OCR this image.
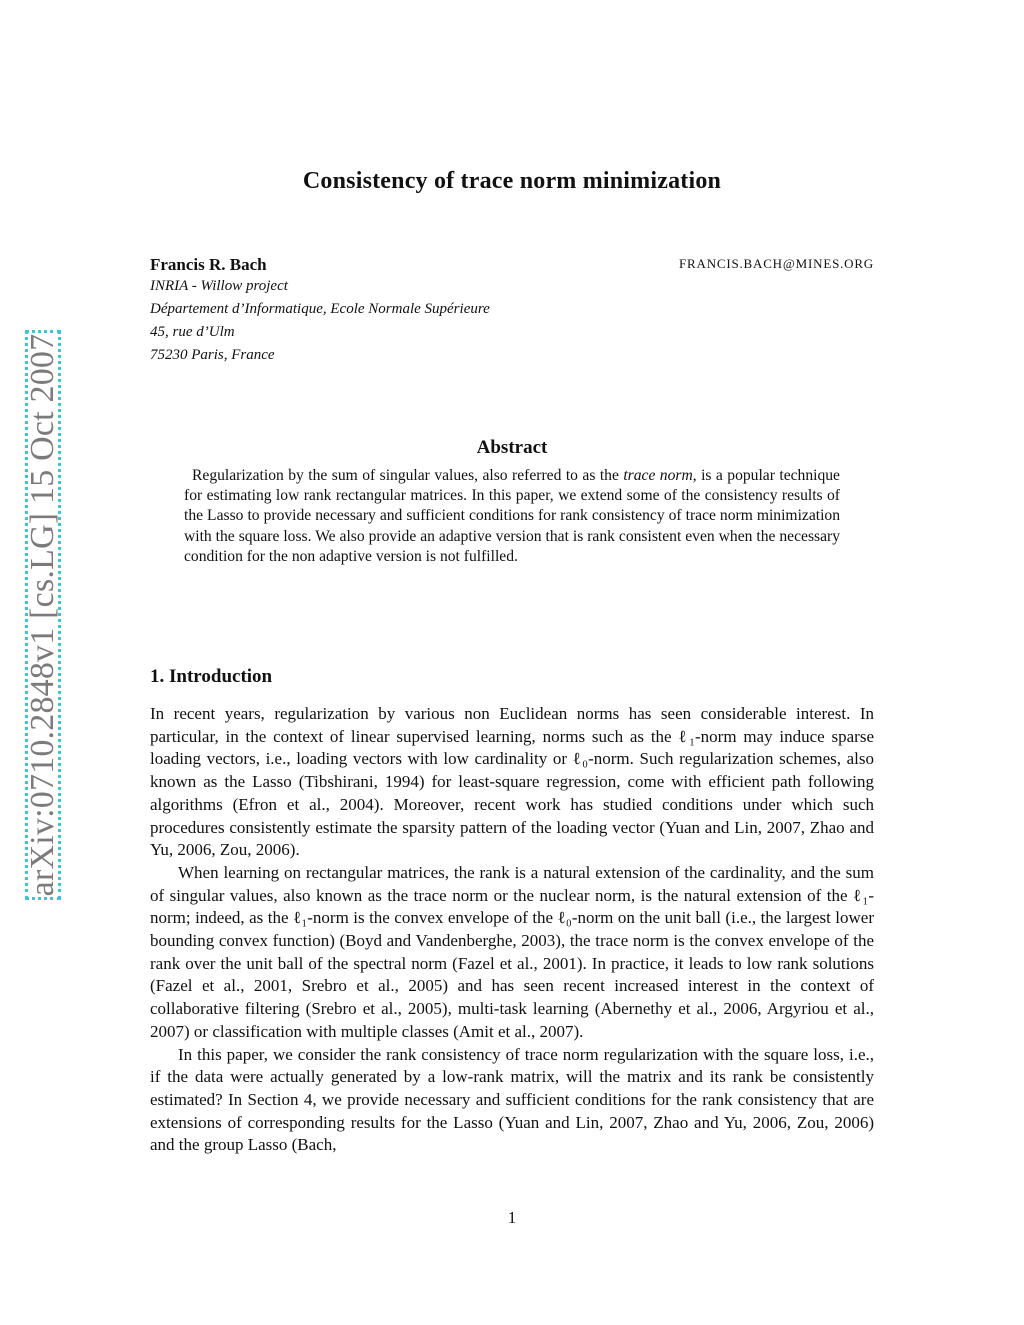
arXiv:0710.2848v1 [cs.LG] 15 Oct 2007
Consistency of trace norm minimization
Francis R. Bach	FRANCIS.BACH@MINES.ORG
INRIA - Willow project
Département d’Informatique, Ecole Normale Supérieure
45, rue d’Ulm
75230 Paris, France
Abstract

Regularization by the sum of singular values, also referred to as the trace norm, is a popular technique for estimating low rank rectangular matrices. In this paper, we extend some of the consistency results of the Lasso to provide necessary and sufficient conditions for rank consistency of trace norm minimization with the square loss. We also provide an adaptive version that is rank consistent even when the necessary condition for the non adaptive version is not fulfilled.

1. Introduction

In recent years, regularization by various non Euclidean norms has seen considerable interest. In particular, in the context of linear supervised learning, norms such as the ℓ₁-norm may induce sparse loading vectors, i.e., loading vectors with low cardinality or ℓ₀-norm. Such regularization schemes, also known as the Lasso (Tibshirani, 1994) for least-square regression, come with efficient path following algorithms (Efron et al., 2004). Moreover, recent work has studied conditions under which such procedures consistently estimate the sparsity pattern of the loading vector (Yuan and Lin, 2007, Zhao and Yu, 2006, Zou, 2006).

When learning on rectangular matrices, the rank is a natural extension of the cardinality, and the sum of singular values, also known as the trace norm or the nuclear norm, is the natural extension of the ℓ₁-norm; indeed, as the ℓ₁-norm is the convex envelope of the ℓ₀-norm on the unit ball (i.e., the largest lower bounding convex function) (Boyd and Vandenberghe, 2003), the trace norm is the convex envelope of the rank over the unit ball of the spectral norm (Fazel et al., 2001). In practice, it leads to low rank solutions (Fazel et al., 2001, Srebro et al., 2005) and has seen recent increased interest in the context of collaborative filtering (Srebro et al., 2005), multi-task learning (Abernethy et al., 2006, Argyriou et al., 2007) or classification with multiple classes (Amit et al., 2007).

In this paper, we consider the rank consistency of trace norm regularization with the square loss, i.e., if the data were actually generated by a low-rank matrix, will the matrix and its rank be consistently estimated? In Section 4, we provide necessary and sufficient conditions for the rank consistency that are extensions of corresponding results for the Lasso (Yuan and Lin, 2007, Zhao and Yu, 2006, Zou, 2006) and the group Lasso (Bach,

1
